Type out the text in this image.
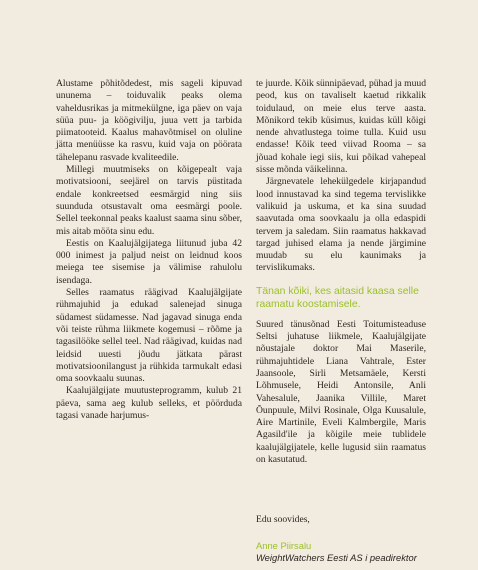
Alustame põhitõdedest, mis sageli kipuvad ununema – toiduvalik peaks olema vaheldusrikas ja mitmekülgne, iga päev on vaja süüa puu- ja köögivilju, juua vett ja tarbida piimatooteid. Kaalus mahavõtmisel on oluline jätta menüüsse ka rasvu, kuid vaja on pöörata tähelepanu rasvade kvaliteedile.

Millegi muutmiseks on kõigepealt vaja motivatsiooni, seejärel on tarvis püstitada endale konkreetsed eesmärgid ning siis suunduda otsustavalt oma eesmärgi poole. Sellel teekonnal peaks kaalust saama sinu sõber, mis aitab mööta sinu edu.

Eestis on Kaalujälgijatega liitunud juba 42 000 inimest ja paljud neist on leidnud koos meiega tee sisemise ja välimise rahulolu isendaga.

Selles raamatus räägivad Kaalujälgijate rühmajuhid ja edukad salenejad sinuga südamest südamesse. Nad jagavad sinuga enda või teiste rühma liikmete kogemusi – rõõme ja tagasilööke sellel teel. Nad räägivad, kuidas nad leidsid uuesti jõudu jätkata pärast motivatsioonilangust ja rühkida tarmukalt edasi oma soovkaalu suunas.

Kaalujälgijate muutusteprogramm, kulub 21 päeva, sama aeg kulub selleks, et pöörduda tagasi vanade harjumus-

te juurde. Kõik sünnipäevad, pühad ja muud peod, kus on tavaliselt kaetud rikkalik toidulaud, on meie elus terve aasta. Mõnikord tekib küsimus, kuidas küll kõigi nende ahvatlustega toime tulla. Kuid usu endasse! Kõik teed viivad Rooma – sa jõuad kohale iegi siis, kui põikad vahepeal sisse mõnda väikelinna.

Järgnevatele lehekülgedele kirjapandud lood innustavad ka sind tegema tervislikke valikuid ja uskuma, et ka sina suudad saavutada oma soovkaalu ja olla edaspidi tervem ja saledam. Siin raamatus hakkavad targad juhised elama ja nende järgimine muudab su elu kaunimaks ja tervislikumaks.

Tänan kõiki, kes aitasid kaasa selle raamatu koostamisele.

Suured tänusõnad Eesti Toitumisteaduse Seltsi juhatuse liikmele, Kaalujälgijate nõustajale doktor Mai Maserile, rühmajuhtidele Liana Vahtrale, Ester Jaansoole, Sirli Metsamäele, Kersti Lõhmusele, Heidi Antonsile, Anli Vahesalule, Jaanika Villile, Maret Õunpuule, Milvi Rosinale, Olga Kuusalule, Aire Martinile, Eveli Kalmbergile, Maris Agasild'ile ja kõigile meie tublidele kaalujälgijatele, kelle lugusid siin raamatus on kasutatud.

Edu soovides,
Anne Piirsalu
WeightWatchers Eesti AS i peadirektor
